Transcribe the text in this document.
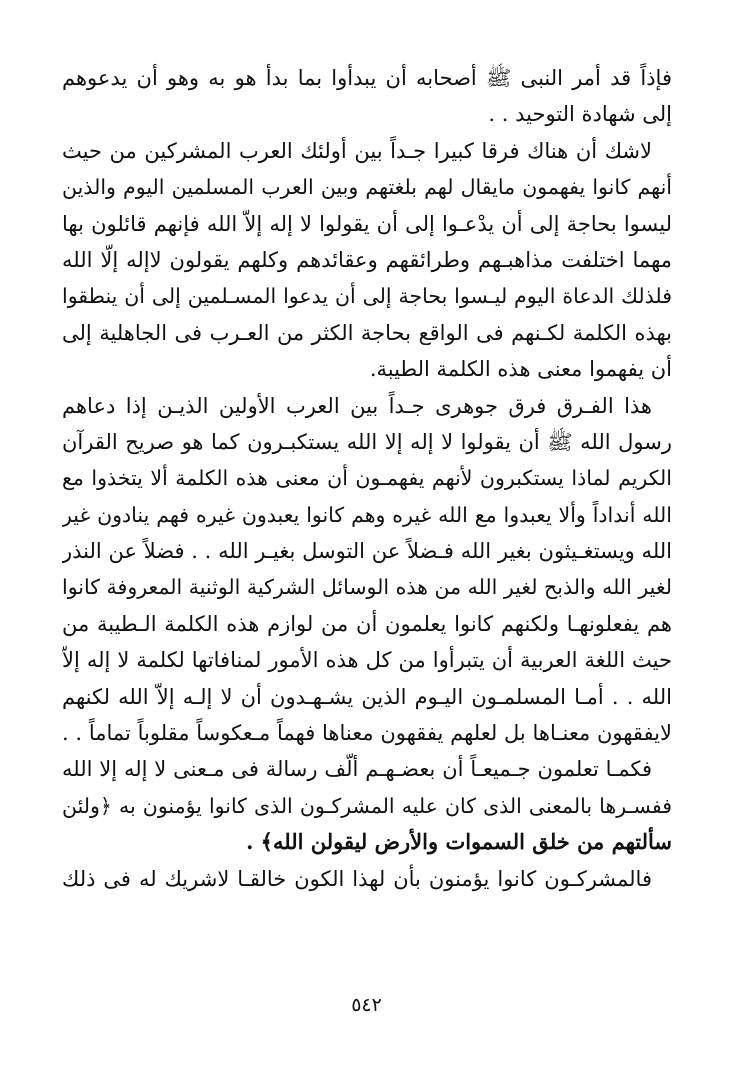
فإذاً قد أمر النبى ﷺ أصحابه أن يبدأوا بما بدأ هو به وهو أن يدعوهم
إلى شهادة التوحيد . .
لاشك أن هناك فرقا كبيرا جـداً بين أولئك العرب المشركين من حيث
أنهم كانوا يفهمون مايقال لهم بلغتهم وبين العرب المسلمين اليوم والذين
ليسوا بحاجة إلى أن يدْعـوا إلى أن يقولوا لا إله إلاّ الله فإنهم قائلون بها
مهما اختلفت مذاهبـهم وطرائقهم وعقائدهم وكلهم يقولون لاإله إلّا الله
فلذلك الدعاة اليوم ليـسوا بحاجة إلى أن يدعوا المسـلمين إلى أن ينطقوا
بهذه الكلمة لكـنهم فى الواقع بحاجة الكثر من العـرب فى الجاهلية إلى
أن يفهموا معنى هذه الكلمة الطيبة.
هذا الفـرق فرق جوهرى جـداً بين العرب الأولين الذيـن إذا دعاهم
رسول الله ﷺ أن يقولوا لا إله إلا الله يستكبـرون كما هو صريح القرآن
الكريم لماذا يستكبرون لأنهم يفهمـون أن معنى هذه الكلمة ألا يتخذوا مع
الله أنداداً وألا يعبدوا مع الله غيره وهم كانوا يعبدون غيره فهم ينادون غير
الله ويستغـيثون بغير الله فـضلاً عن التوسل بغيـر الله . . فضلاً عن النذر
لغير الله والذبح لغير الله من هذه الوسائل الشركية الوثنية المعروفة كانوا
هم يفعلونهـا ولكنهم كانوا يعلمون أن من لوازم هذه الكلمة الـطيبة من
حيث اللغة العربية أن يتبرأوا من كل هذه الأمور لمنافاتها لكلمة لا إله إلاّ
الله . . أمـا المسلمـون اليـوم الذين يشـهـدون أن لا إلـه إلاّ الله لكنهم
لايفقهون معنـاها بل لعلهم يفقهون معناها فهماً مـعكوساً مقلوباً تماماً . .
فكمـا تعلمون جـميعـاً أن بعضـهـم ألّف رسالة فى مـعنى لا إله إلا الله
ففسـرها بالمعنى الذى كان عليه المشركـون الذى كانوا يؤمنون به ﴿ولئن
سألتهم من خلق السموات والأرض ليقولن الله﴾ .
فالمشركـون كانوا يؤمنون بأن لهذا الكون خالقـا لاشريك له فى ذلك
٥٤٢
